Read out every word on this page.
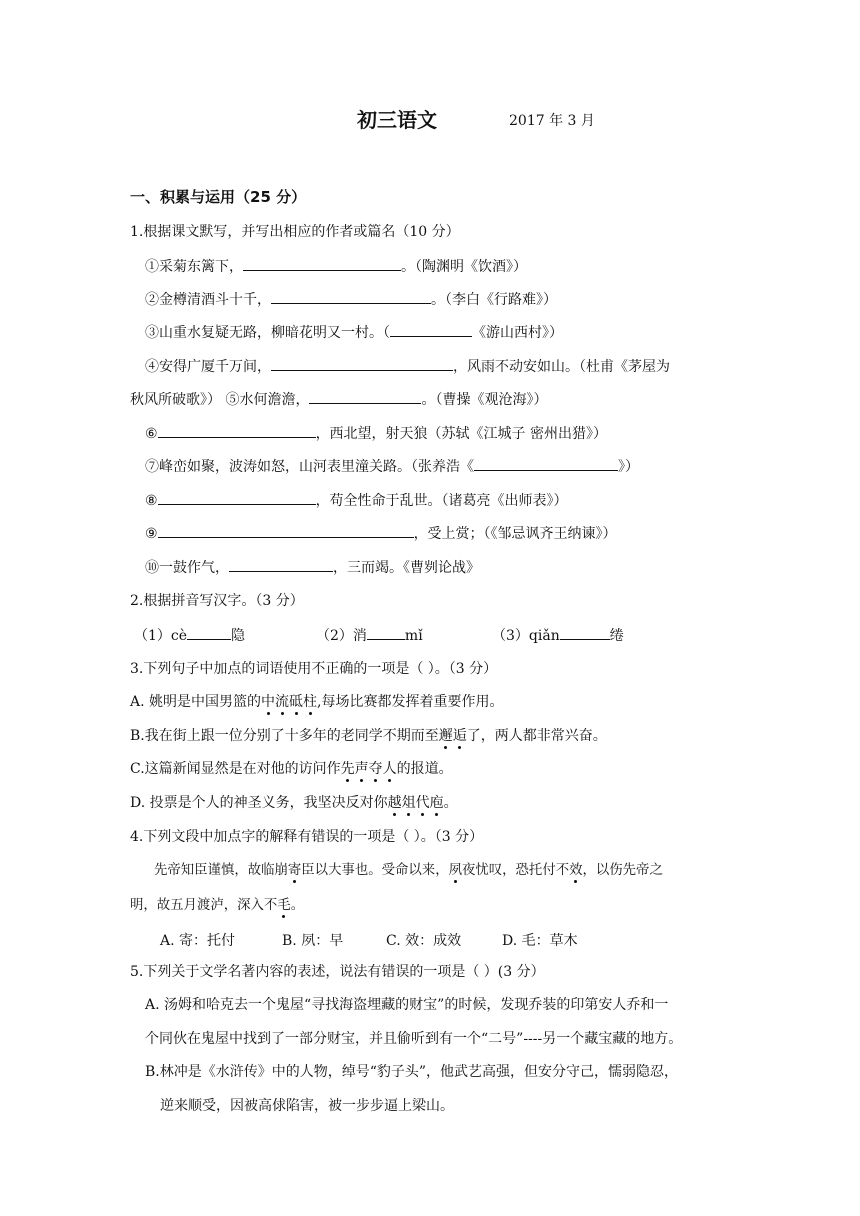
初三语文	2017 年 3 月
一、积累与运用（25 分）
1.根据课文默写，并写出相应的作者或篇名（10 分）
①采菊东篱下，	。（陶渊明《饮酒》）
②金樽清酒斗十千，	。（李白《行路难》）
③山重水复疑无路，柳暗花明又一村。（	《游山西村》）
④安得广厦千万间，	，风雨不动安如山。（杜甫《茅屋为
秋风所破歌》） ⑤水何澹澹，	。（曹操《观沧海》）
⑥	，西北望，射天狼（苏轼《江城子 密州出猎》）
⑦峰峦如聚，波涛如怒，山河表里潼关路。（张养浩《	》）
⑧	，苟全性命于乱世。（诸葛亮《出师表》）
⑨	，受上赏；（《邹忌讽齐王纳谏》）
⑩一鼓作气，	，三而竭。《曹刿论战》
2.根据拼音写汉字。（3 分）
（1）cè	隐	（2）消	mǐ	（3）qiǎn	绻
3.下列句子中加点的词语使用不正确的一项是（ ）。（3 分）
A. 姚明是中国男篮的中流砥柱,每场比赛都发挥着重要作用。
B.我在街上跟一位分别了十多年的老同学不期而至邂逅了，两人都非常兴奋。
C.这篇新闻显然是在对他的访问作先声夺人的报道。
D. 投票是个人的神圣义务，我坚决反对你越俎代庖。
4.下列文段中加点字的解释有错误的一项是（ ）。（3 分）
先帝知臣谨慎，故临崩寄臣以大事也。受命以来，夙夜忧叹，恐托付不效，以伤先帝之
明，故五月渡泸，深入不毛。
A. 寄：托付	B. 夙：早	C. 效：成效	D. 毛：草木
5.下列关于文学名著内容的表述，说法有错误的一项是（ ）(3 分）
A. 汤姆和哈克去一个鬼屋“寻找海盗埋藏的财宝”的时候，发现乔装的印第安人乔和一
个同伙在鬼屋中找到了一部分财宝，并且偷听到有一个“二号”----另一个藏宝藏的地方。
B.林冲是《水浒传》中的人物，绰号“豹子头”，他武艺高强，但安分守己，懦弱隐忍，
逆来顺受，因被高俅陷害，被一步步逼上梁山。
